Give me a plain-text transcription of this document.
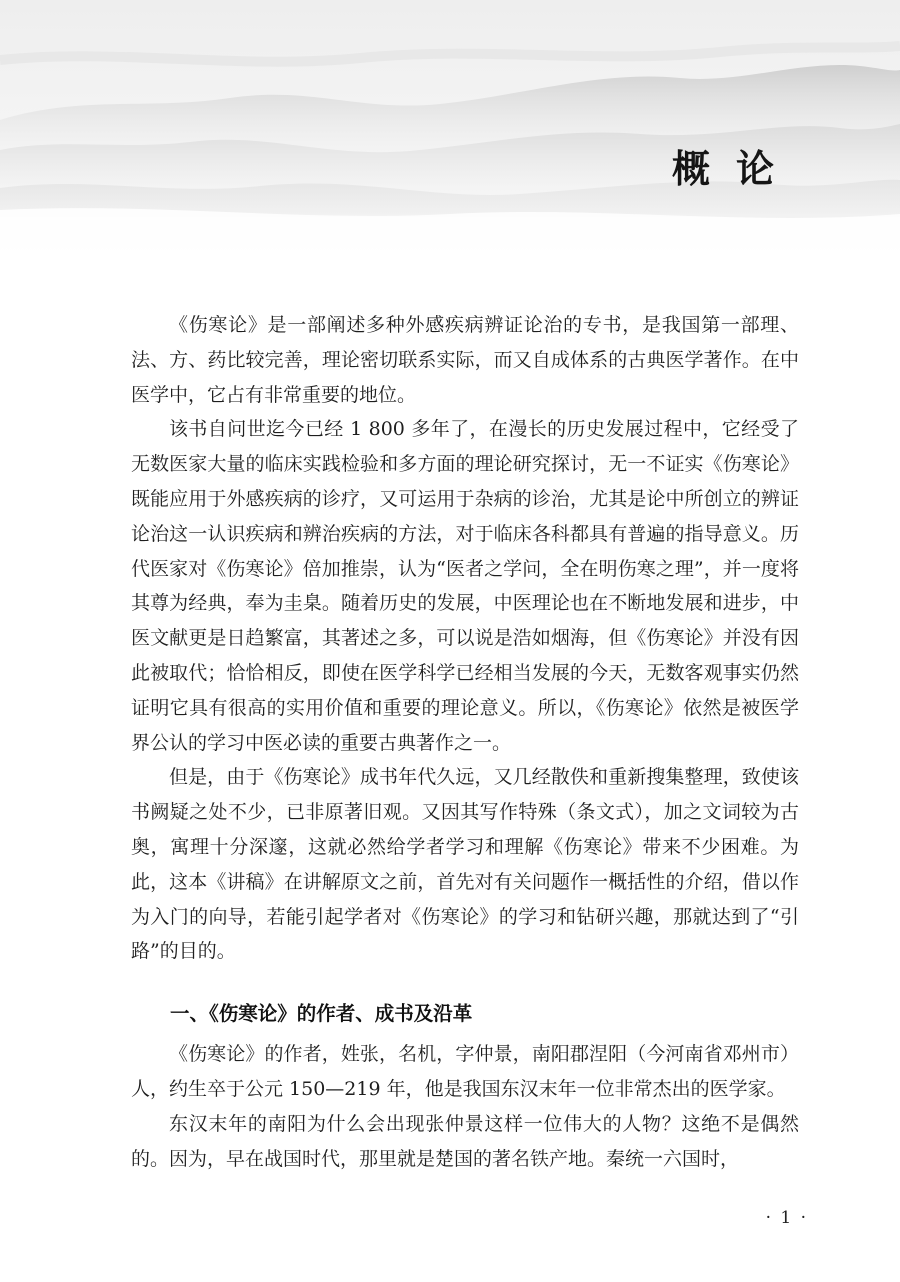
概论

《伤寒论》是一部阐述多种外感疾病辨证论治的专书，是我国第一部理、法、方、药比较完善，理论密切联系实际，而又自成体系的古典医学著作。在中医学中，它占有非常重要的地位。

该书自问世迄今已经 1 800 多年了，在漫长的历史发展过程中，它经受了无数医家大量的临床实践检验和多方面的理论研究探讨，无一不证实《伤寒论》既能应用于外感疾病的诊疗，又可运用于杂病的诊治，尤其是论中所创立的辨证论治这一认识疾病和辨治疾病的方法，对于临床各科都具有普遍的指导意义。历代医家对《伤寒论》倍加推崇，认为“医者之学问，全在明伤寒之理”，并一度将其尊为经典，奉为圭臬。随着历史的发展，中医理论也在不断地发展和进步，中医文献更是日趋繁富，其著述之多，可以说是浩如烟海，但《伤寒论》并没有因此被取代；恰恰相反，即使在医学科学已经相当发展的今天，无数客观事实仍然证明它具有很高的实用价值和重要的理论意义。所以，《伤寒论》依然是被医学界公认的学习中医必读的重要古典著作之一。

但是，由于《伤寒论》成书年代久远，又几经散佚和重新搜集整理，致使该书阙疑之处不少，已非原著旧观。又因其写作特殊（条文式），加之文词较为古奥，寓理十分深邃，这就必然给学者学习和理解《伤寒论》带来不少困难。为此，这本《讲稿》在讲解原文之前，首先对有关问题作一概括性的介绍，借以作为入门的向导，若能引起学者对《伤寒论》的学习和钻研兴趣，那就达到了“引路”的目的。

一、《伤寒论》的作者、成书及沿革

《伤寒论》的作者，姓张，名机，字仲景，南阳郡涅阳（今河南省邓州市）人，约生卒于公元 150—219 年，他是我国东汉末年一位非常杰出的医学家。

东汉末年的南阳为什么会出现张仲景这样一位伟大的人物？这绝不是偶然的。因为，早在战国时代，那里就是楚国的著名铁产地。秦统一六国时，

· 1 ·
